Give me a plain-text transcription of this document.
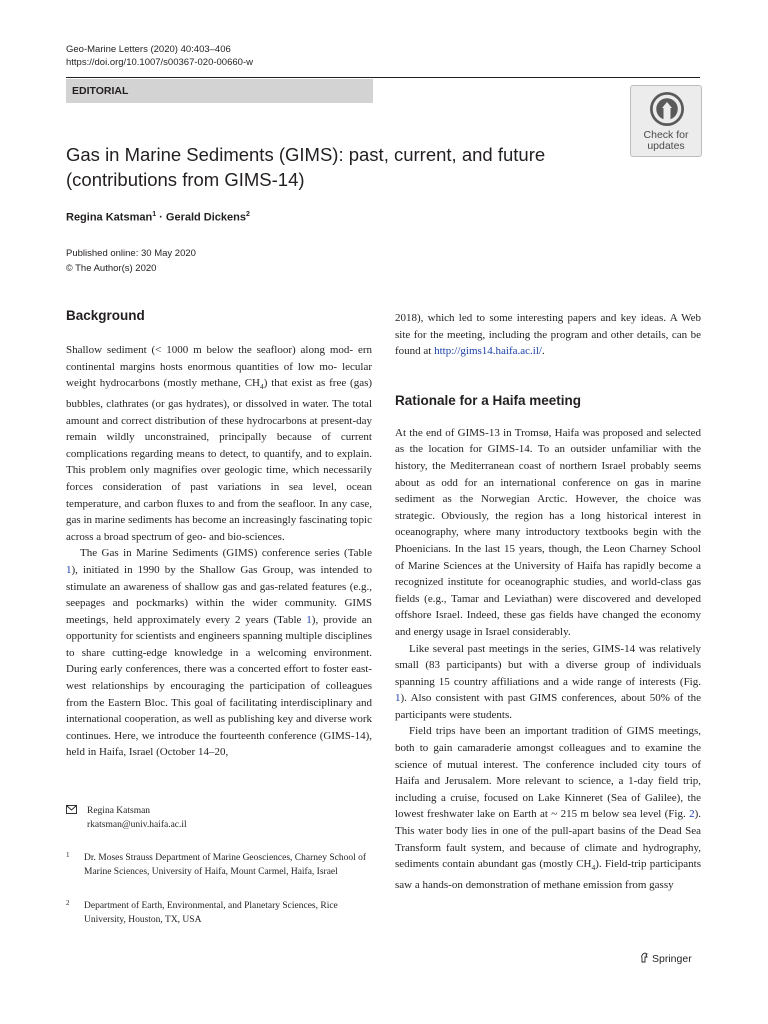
Geo-Marine Letters (2020) 40:403–406
https://doi.org/10.1007/s00367-020-00660-w
EDITORIAL
Check for
updates
Gas in Marine Sediments (GIMS): past, current, and future
(contributions from GIMS-14)
Regina Katsman$^1$ · Gerald Dickens$^2$
Published online: 30 May 2020
© The Author(s) 2020
Background

Shallow sediment (< 1000 m below the seafloor) along mod- ern continental margins hosts enormous quantities of low mo- lecular weight hydrocarbons (mostly methane, $CH_4$) that exist as free (gas) bubbles, clathrates (or gas hydrates), or dissolved in water. The total amount and correct distribution of these hydrocarbons at present-day remain wildly unconstrained, principally because of current complications regarding means to detect, to quantify, and to explain. This problem only magnifies over geologic time, which necessarily forces consideration of past variations in sea level, ocean temperature, and carbon fluxes to and from the seafloor. In any case, gas in marine sediments has become an increasingly fascinating topic across a broad spectrum of geo- and bio-sciences.

The Gas in Marine Sediments (GIMS) conference series (Table 1), initiated in 1990 by the Shallow Gas Group, was intended to stimulate an awareness of shallow gas and gas-related features (e.g., seepages and pockmarks) within the wider community. GIMS meetings, held approximately every 2 years (Table 1), provide an opportunity for scientists and engineers spanning multiple disciplines to share cutting-edge knowledge in a welcoming environment. During early conferences, there was a concerted effort to foster east-west relationships by encouraging the participation of colleagues from the Eastern Bloc. This goal of facilitating interdisciplinary and international cooperation, as well as publishing key and diverse work continues. Here, we introduce the fourteenth conference (GIMS-14), held in Haifa, Israel (October 14–20,

2018), which led to some interesting papers and key ideas. A Web site for the meeting, including the program and other details, can be found at http://gims14.haifa.ac.il/.

Rationale for a Haifa meeting

At the end of GIMS-13 in Tromsø, Haifa was proposed and selected as the location for GIMS-14. To an outsider unfamiliar with the history, the Mediterranean coast of northern Israel probably seems about as odd for an international conference on gas in marine sediment as the Norwegian Arctic. However, the choice was strategic. Obviously, the region has a long historical interest in oceanography, where many introductory textbooks begin with the Phoenicians. In the last 15 years, though, the Leon Charney School of Marine Sciences at the University of Haifa has rapidly become a recognized institute for oceanographic studies, and world-class gas fields (e.g., Tamar and Leviathan) were discovered and developed offshore Israel. Indeed, these gas fields have changed the economy and energy usage in Israel considerably.

Like several past meetings in the series, GIMS-14 was relatively small (83 participants) but with a diverse group of individuals spanning 15 country affiliations and a wide range of interests (Fig. 1). Also consistent with past GIMS conferences, about 50% of the participants were students.

Field trips have been an important tradition of GIMS meetings, both to gain camaraderie amongst colleagues and to examine the science of mutual interest. The conference included city tours of Haifa and Jerusalem. More relevant to science, a 1-day field trip, including a cruise, focused on Lake Kinneret (Sea of Galilee), the lowest freshwater lake on Earth at ~ 215 m below sea level (Fig. 2). This water body lies in one of the pull-apart basins of the Dead Sea Transform fault system, and because of climate and hydrography, sediments contain abundant gas (mostly $CH_4$). Field-trip participants saw a hands-on demonstration of methane emission from gassy

Regina Katsman
rkatsman@univ.haifa.ac.il
1	Dr. Moses Strauss Department of Marine Geosciences, Charney School of Marine Sciences, University of Haifa, Mount Carmel, Haifa, Israel
2	Department of Earth, Environmental, and Planetary Sciences, Rice University, Houston, TX, USA
Springer
